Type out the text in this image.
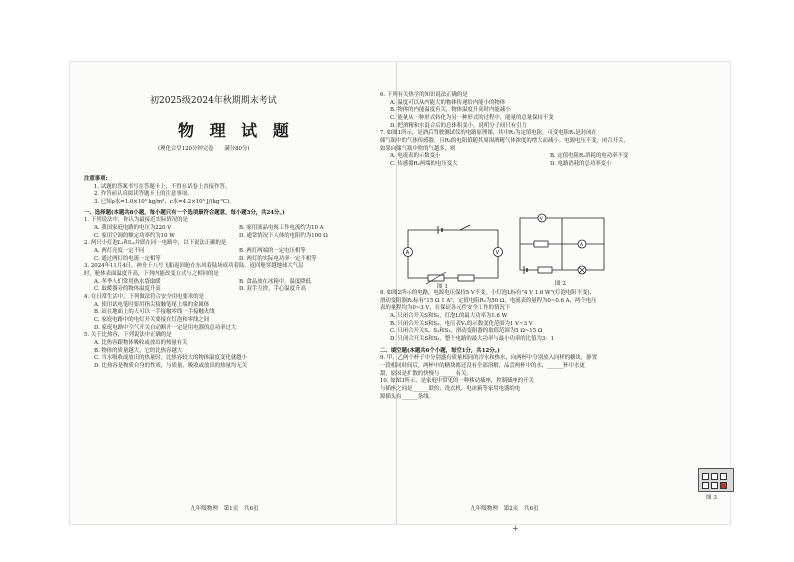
初2025级2024年秋期期末考试
物 理 试 题
(理化合堂120分钟完卷　　满分80分)

注意事项:

1. 试题的答案书写在答题卡上，不得在试卷上直接作答。

2. 作答前认真阅读答题卡上的注意事项。

3. 已知ρ水=1.0×10³ kg/m³，c水=4.2×10³ J/(kg·℃)。

一、选择题(本题共8小题，每小题只有一个选项最符合题意，每小题3分，共24分。)

1. 下列说法中，你认为最接近实际情况的是

A. 我国家庭电路的电压为220 V	B. 家用液晶电视工作电流约为10 A
C. 家用空调的额定功率约为10 W	D. 通常情况下人体的电阻约为100 Ω

2. 两只小灯泡L₁和L₂并联在同一电路中，以下说法正确的是

A. 两灯亮度一定不同	B. 两灯两端的一定电压相等
C. 通过两灯的电流一定相等	D. 两灯的实际电功率一定不相等

3. 2024年11月4日，神舟十八号飞船返回舱在东风着陆场成功着陆。返回舱穿越地球大气层

时，舱体表面温度升高，下列内能改变方式与之相同的是

A. 冬季人们常用热水袋取暖	B. 食品放在冰箱中，温度降低
C. 取暖器旁的物体温度升高	D. 双手互搓，手心温度升高

4. 在日常生活中，下列做法符合安全用电要求的是

A. 使用试电笔时要用指尖接触笔尾上端的金属体

B. 站在地面上的人可以一手接触零线一手接触火线

C. 家庭电路中的电灯开关要接在灯泡和零线之间

D. 家庭电路中空气开关自动断开一定是用电器的总功率过大

5. 关于比热容，下列说法中正确的是

A. 比热容跟物体吸收或放出的热量有关

B. 物体的质量越大，它的比热容越大

C. 当水吸收或放出的热量时，比热容较大的物体温度变化就越小

D. 比热容是物质自身的性质，与质量、吸收或放出的热量均无关

6. 下列有关热学的知识说法正确的是

A. 温度可以从内能大的物体传递给内能小的物体

B. 物体的内能温度有关，物体温度升高时内能减小

C. 能量从一种形式转化为另一种形式的过程中，能量的总量保持不变

D. 把酒精和水混合后的总体积变小，说明分子间只有引力

7. 如图1所示，是酒后驾驶测试仪的电路原理图，其中R₁为定值电阻，可变电阻R₂是封闭在

储气瓶中的气体传感器，且R₂的电阻值随其周围酒精气体浓度的增大而减小。电源电压不变，闭合开关，

如果向储气瓶中吹的气越多，则

A. 电流表的示数变小	B. 定值电阻R₁消耗的电功率不变
C. 传感器R₂两端的电压变大	D. 电路消耗的总功率变小
A	V
图 1
V
A
图 2

8. 如图2所示的电路，电源电压保持5 V不变。小灯泡L标有"4 V 1.6 W"(灯泡电阻不变)，

滑动变阻器R₁标有"15 Ω 1 A"，定值电阻R₂为50 Ω，电流表的量程为0~0.6 A，两个电压

表的量程均为0~3 V，在保证各元件安全工作的情况下

A. 只闭合开关S和S₁，灯泡L的最大功率为1.6 W

B. 只闭合开关S和S₂，电压表V₁的示数变化范围为1 V~3 V

C. 只闭合开关S、S₁和S₃，滑动变阻器的取值范围为5 Ω~15 Ω

D. 只闭合开关S和S₂，整个电路的最大功率与最小功率的比值为3：1

二、填空题(本题共6个小题，每空1分，共12分。)

9. 甲、乙两个杯子中分别盛有质量相同的冷水和热水，向两杯中分别放入同样的糖块，静置

一段相同时间后，两杯中的糖块都还没有全部溶解，品尝两杯中的水，______杯中水更

甜，原因是扩散的快慢与______有关。

10. 如图3所示，是家庭中常见的一种移动插座，控制插座的开关

与插座之间是______联的；洗衣机、电冰箱等家用电器的电

源插头有______条线。

图 3
九年级物理　第1页　共6页	九年级物理　第2页　共6页
+
